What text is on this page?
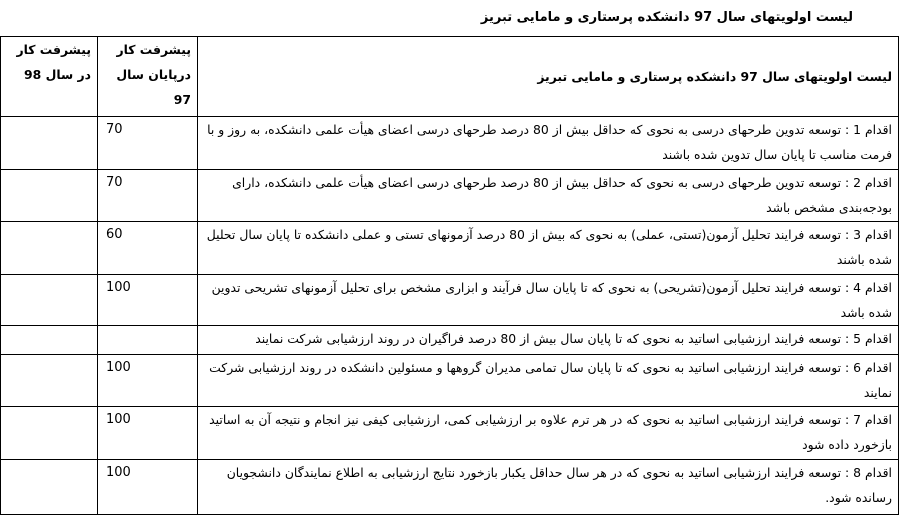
لیست اولویتهای سال 97 دانشکده پرستاری و مامایی تبریز
لیست اولویتهای سال 97 دانشکده پرستاری و مامایی تبریز	پیشرفت کار درپایان سال 97	پیشرفت کار در سال 98
اقدام 1 : توسعه تدوین طرحهای درسی به نحوی که حداقل بیش از 80 درصد طرحهای درسی اعضای هیأت علمی دانشکده، به روز و با فرمت مناسب تا پایان سال تدوین شده باشند	70	
اقدام 2 : توسعه تدوین طرحهای درسی به نحوی که حداقل بیش از 80 درصد طرحهای درسی اعضای هیأت علمی دانشکده، دارای بودجه‌بندی مشخص باشد	70	
اقدام 3 : توسعه فرایند تحلیل آزمون(تستی، عملی) به نحوی که بیش از 80 درصد آزمونهای تستی و عملی دانشکده تا پایان سال تحلیل شده باشند	60	
اقدام 4 : توسعه فرایند تحلیل آزمون(تشریحی) به نحوی که تا پایان سال فرآیند و ابزاری مشخص برای تحلیل آزمونهای تشریحی تدوین شده باشد	100	
اقدام 5 : توسعه فرایند ارزشیابی اساتید به نحوی که تا پایان سال بیش از 80 درصد فراگیران در روند ارزشیابی شرکت نمایند		
اقدام 6 : توسعه فرایند ارزشیابی اساتید به نحوی که تا پایان سال تمامی مدیران گروهها و مسئولین دانشکده در روند ارزشیابی شرکت نمایند	100	
اقدام 7 : توسعه فرایند ارزشیابی اساتید به نحوی که در هر ترم علاوه بر ارزشیابی کمی، ارزشیابی کیفی نیز انجام و نتیجه آن به اساتید بازخورد داده شود	100	
اقدام 8 : توسعه فرایند ارزشیابی اساتید به نحوی که در هر سال حداقل یکبار بازخورد نتایج ارزشیابی به اطلاع نمایندگان دانشجویان رسانده شود.	100	
